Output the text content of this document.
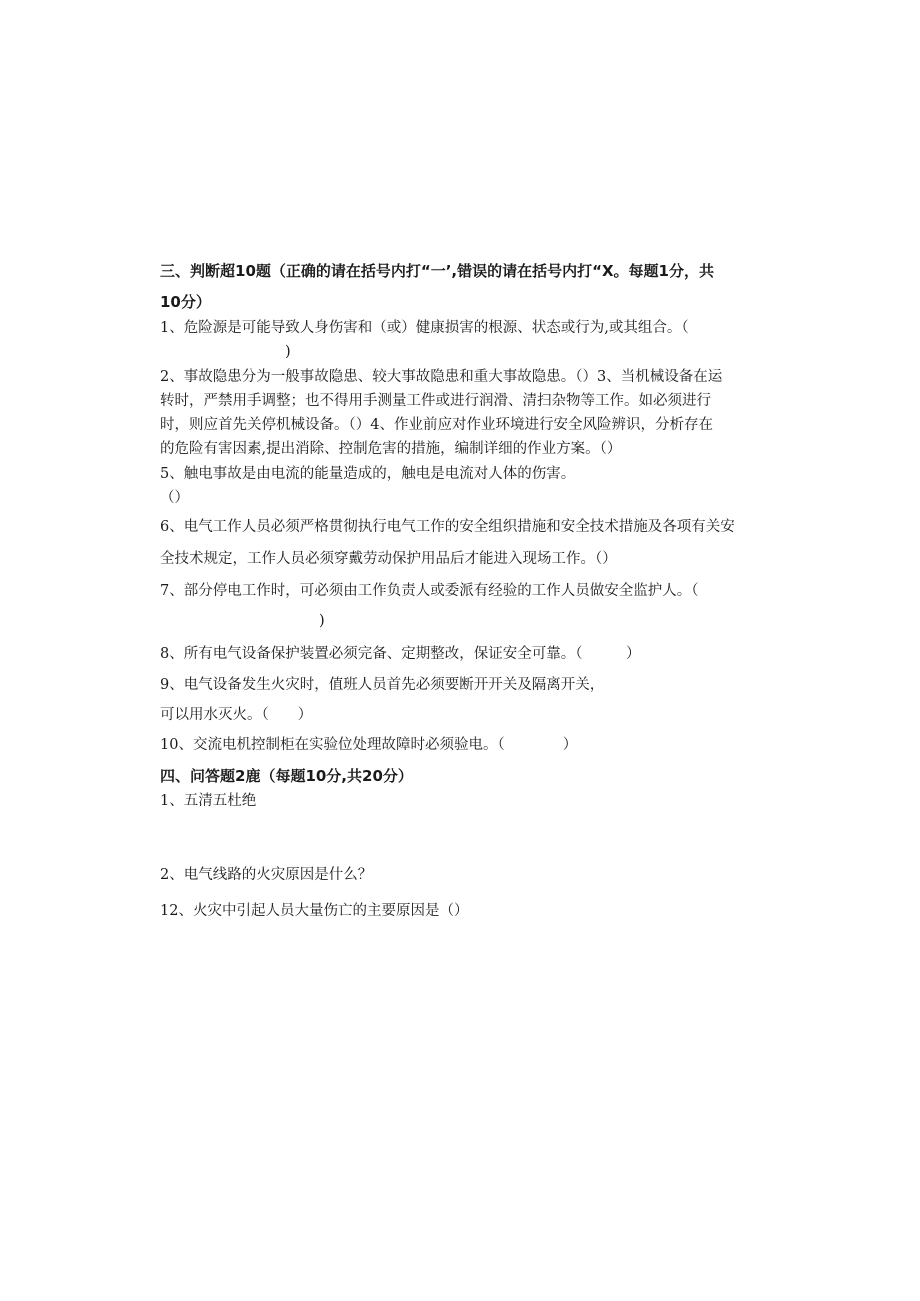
三、判断超10题（正确的请在括号内打“一’,错误的请在括号内打“X。每题1分，共
10分）
1、危险源是可能导致人身伤害和（或）健康损害的根源、状态或行为,或其组合。（
)
2、事故隐患分为一般事故隐患、较大事故隐患和重大事故隐患。（）3、当机械设备在运
转时，严禁用手调整；也不得用手测量工件或进行润滑、清扫杂物等工作。如必须进行
时，则应首先关停机械设备。（）4、作业前应对作业环境进行安全风险辨识，分析存在
的危险有害因素,提出消除、控制危害的措施，编制详细的作业方案。（）
5、触电事故是由电流的能量造成的，触电是电流对人体的伤害。
（）
6、电气工作人员必须严格贯彻执行电气工作的安全组织措施和安全技术措施及各项有关安
全技术规定，工作人员必须穿戴劳动保护用品后才能进入现场工作。（）
7、部分停电工作时，可必须由工作负责人或委派有经验的工作人员做安全监护人。（
)
8、所有电气设备保护装置必须完备、定期整改，保证安全可靠。（　　　）
9、电气设备发生火灾时，值班人员首先必须要断开开关及隔离开关，
可以用水灭火。（　　）
10、交流电机控制柜在实验位处理故障时必须验电。（　　　　）
四、问答题2鹿（每题10分,共20分）
1、五清五杜绝
2、电气线路的火灾原因是什么？
12、火灾中引起人员大量伤亡的主要原因是（）
